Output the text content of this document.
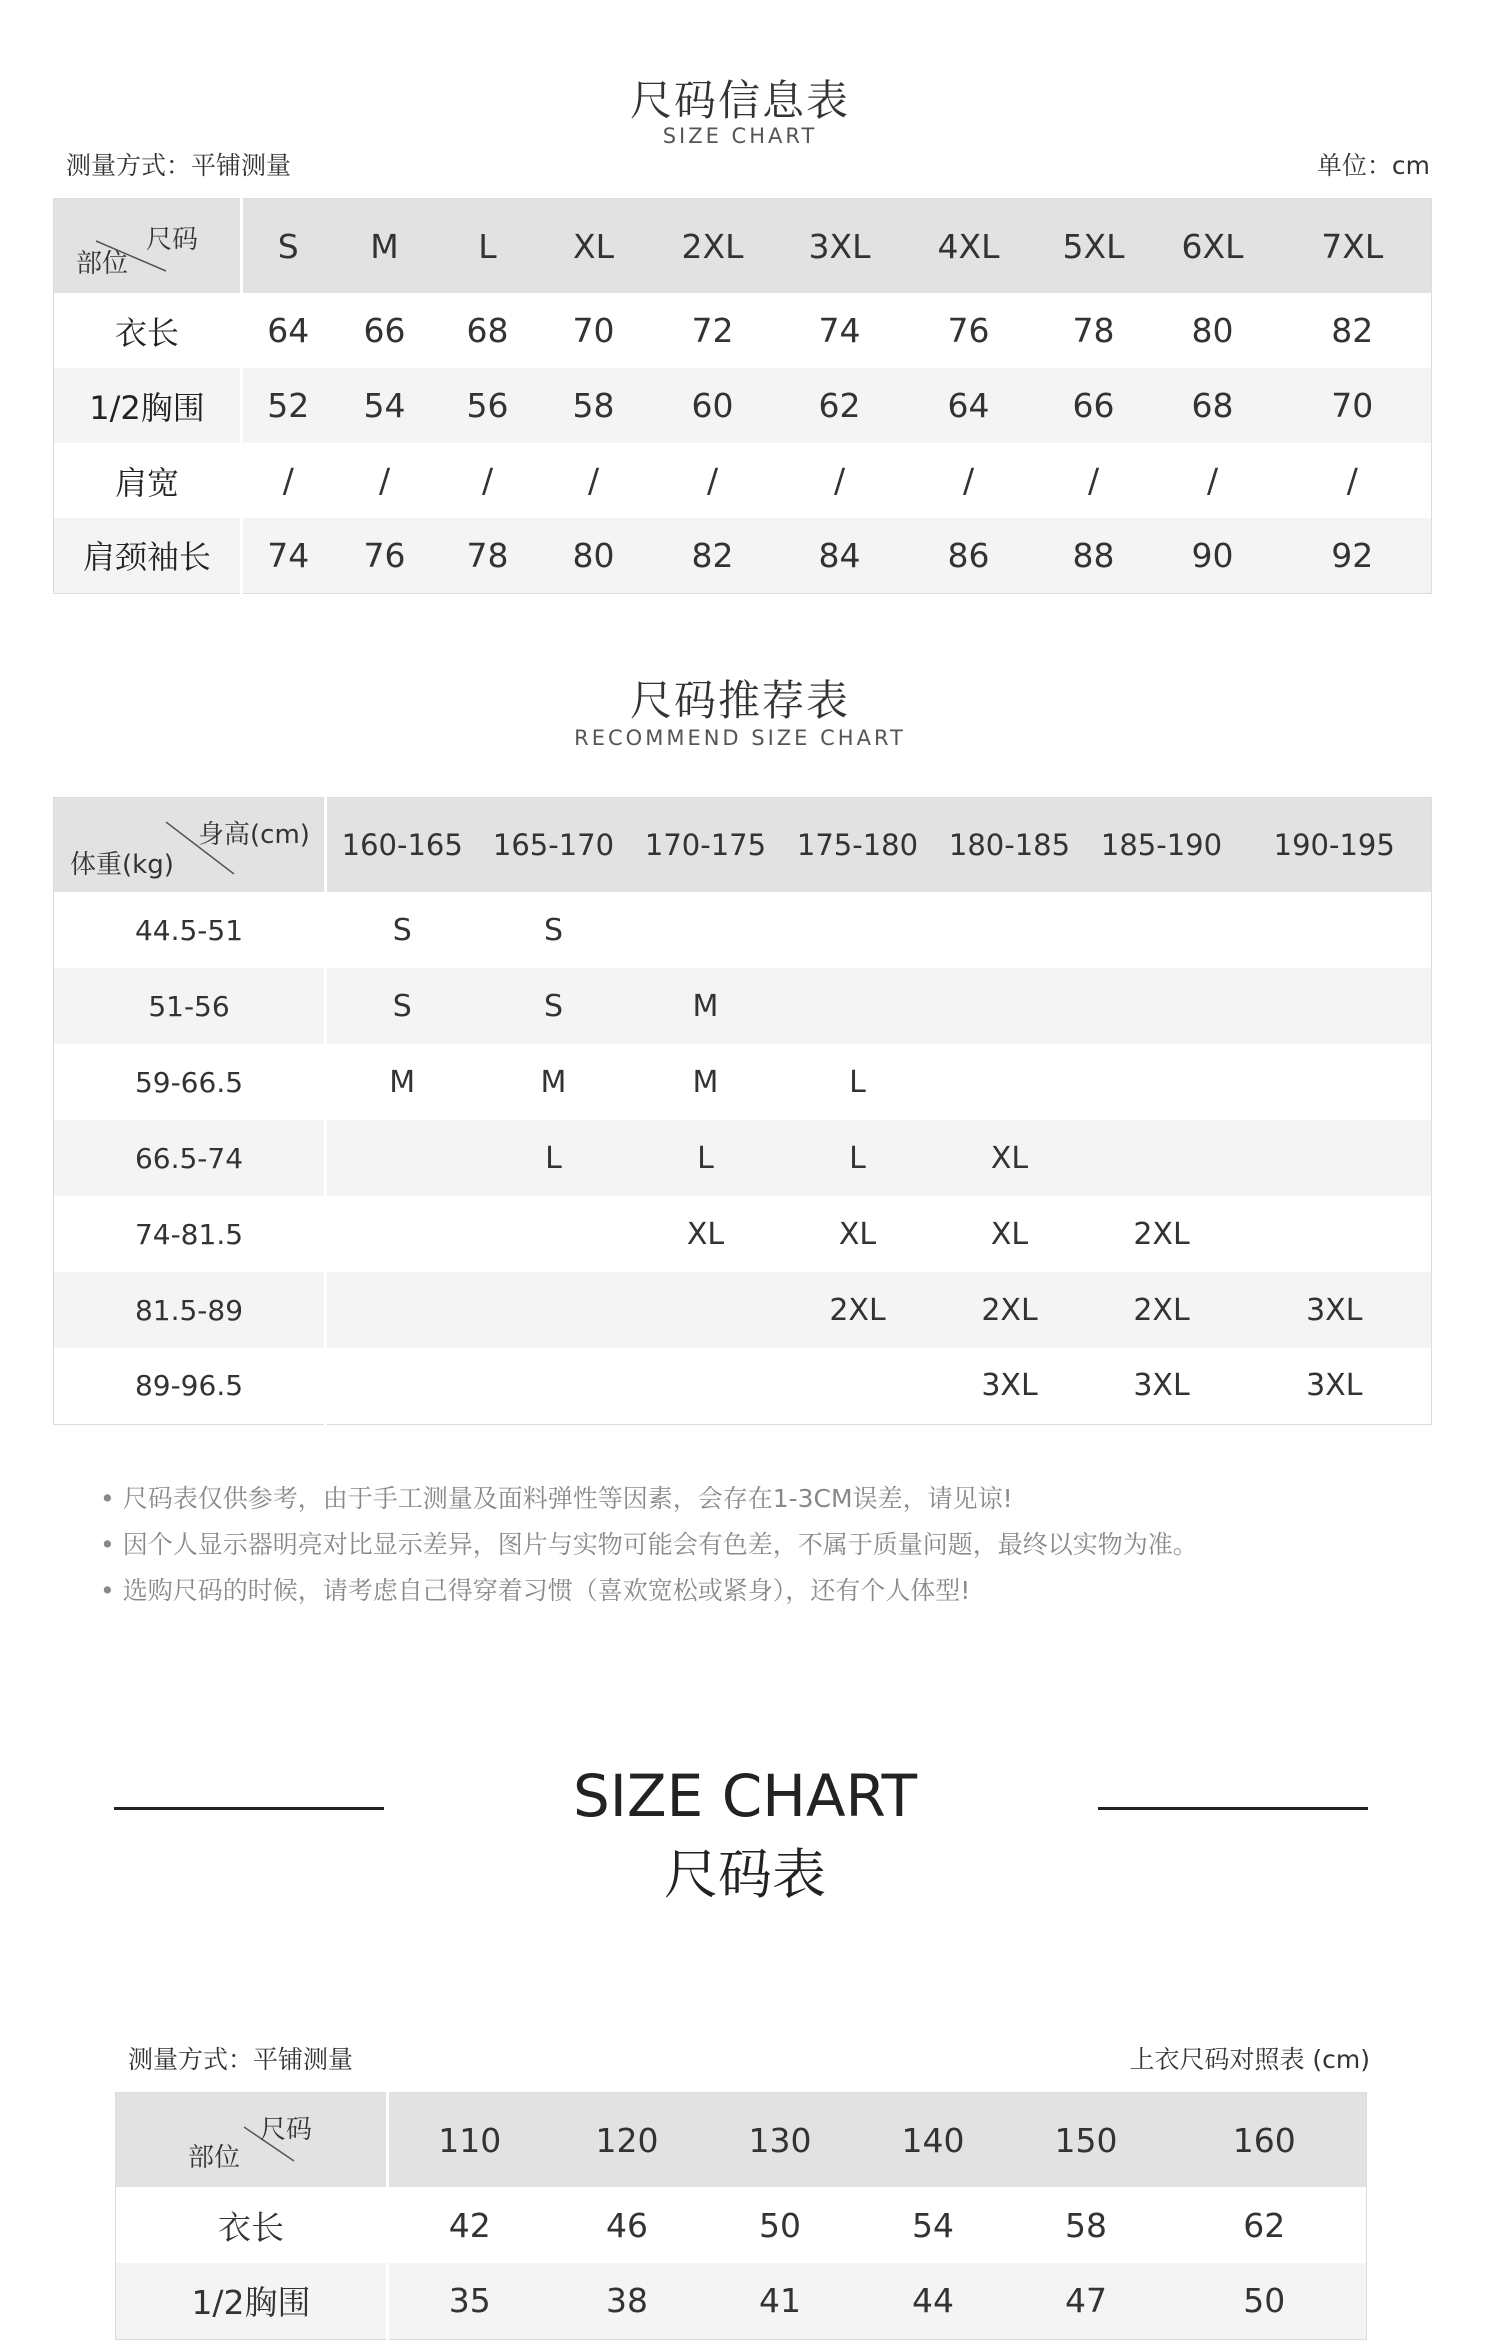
尺码信息表
SIZE CHART
测量方式：平铺测量	单位：cm
尺码
部位	S	M	L	XL	2XL	3XL	4XL	5XL	6XL	7XL
衣长	64	66	68	70	72	74	76	78	80	82
1/2胸围	52	54	56	58	60	62	64	66	68	70
肩宽	/	/	/	/	/	/	/	/	/	/
肩颈袖长	74	76	78	80	82	84	86	88	90	92
尺码推荐表
RECOMMEND SIZE CHART
身高(cm)
体重(kg)	160-165	165-170	170-175	175-180	180-185	185-190	190-195
44.5-51	S	S					
51-56	S	S	M				
59-66.5	M	M	M	L			
66.5-74		L	L	L	XL		
74-81.5			XL	XL	XL	2XL	
81.5-89				2XL	2XL	2XL	3XL
89-96.5					3XL	3XL	3XL
• 尺码表仅供参考，由于手工测量及面料弹性等因素，会存在1-3CM误差，请见谅!
• 因个人显示器明亮对比显示差异，图片与实物可能会有色差，不属于质量问题，最终以实物为准。
• 选购尺码的时候，请考虑自己得穿着习惯（喜欢宽松或紧身），还有个人体型!
SIZE CHART
尺码表
测量方式：平铺测量	上衣尺码对照表 (cm)
尺码
部位	110	120	130	140	150	160
衣长	42	46	50	54	58	62
1/2胸围	35	38	41	44	47	50
